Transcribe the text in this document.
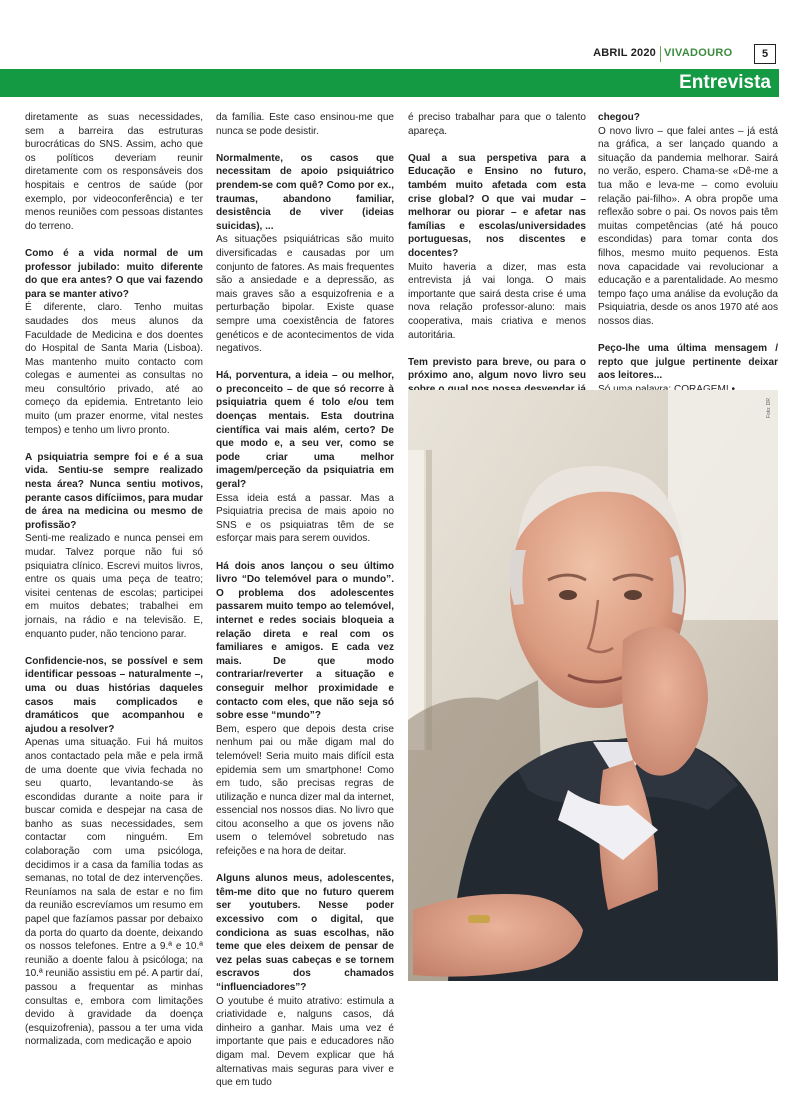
ABRIL 2020 VIVADOURO	5
Entrevista

diretamente as suas necessidades, sem a barreira das estruturas burocráticas do SNS. Assim, acho que os políticos deveriam reunir diretamente com os responsáveis dos hospitais e centros de saúde (por exemplo, por videoconferência) e ter menos reuniões com pessoas distantes do terreno.

Como é a vida normal de um professor jubilado: muito diferente do que era antes? O que vai fazendo para se manter ativo?

É diferente, claro. Tenho muitas saudades dos meus alunos da Faculdade de Medicina e dos doentes do Hospital de Santa Maria (Lisboa). Mas mantenho muito contacto com colegas e aumentei as consultas no meu consultório privado, até ao começo da epidemia. Entretanto leio muito (um prazer enorme, vital nestes tempos) e tenho um livro pronto.

A psiquiatria sempre foi e é a sua vida. Sentiu-se sempre realizado nesta área? Nunca sentiu motivos, perante casos difíciimos, para mudar de área na medicina ou mesmo de profissão?

Senti-me realizado e nunca pensei em mudar. Talvez porque não fui só psiquiatra clínico. Escrevi muitos livros, entre os quais uma peça de teatro; visitei centenas de escolas; participei em muitos debates; trabalhei em jornais, na rádio e na televisão. E, enquanto puder, não tenciono parar.

Confidencie-nos, se possível e sem identificar pessoas – naturalmente –, uma ou duas histórias daqueles casos mais complicados e dramáticos que acompanhou e ajudou a resolver?

Apenas uma situação. Fui há muitos anos contactado pela mãe e pela irmã de uma doente que vivia fechada no seu quarto, levantando-se às escondidas durante a noite para ir buscar comida e despejar na casa de banho as suas necessidades, sem contactar com ninguém. Em colaboração com uma psicóloga, decidimos ir a casa da família todas as semanas, no total de dez intervenções. Reuníamos na sala de estar e no fim da reunião escrevíamos um resumo em papel que fazíamos passar por debaixo da porta do quarto da doente, deixando os nossos telefones. Entre a 9.ª e 10.ª reunião a doente falou à psicóloga; na 10.ª reunião assistiu em pé. A partir daí, passou a frequentar as minhas consultas e, embora com limitações devido à gravidade da doença (esquizofrenia), passou a ter uma vida normalizada, com medicação e apoio

da família. Este caso ensinou-me que nunca se pode desistir.

Normalmente, os casos que necessitam de apoio psiquiátrico prendem-se com quê? Como por ex., traumas, abandono familiar, desistência de viver (ideias suicidas), ...

As situações psiquiátricas são muito diversificadas e causadas por um conjunto de fatores. As mais frequentes são a ansiedade e a depressão, as mais graves são a esquizofrenia e a perturbação bipolar. Existe quase sempre uma coexistência de fatores genéticos e de acontecimentos de vida negativos.

Há, porventura, a ideia – ou melhor, o preconceito – de que só recorre à psiquiatria quem é tolo e/ou tem doenças mentais. Esta doutrina científica vai mais além, certo? De que modo e, a seu ver, como se pode criar uma melhor imagem/perceção da psiquiatria em geral?

Essa ideia está a passar. Mas a Psiquiatria precisa de mais apoio no SNS e os psiquiatras têm de se esforçar mais para serem ouvidos.

Há dois anos lançou o seu último livro “Do telemóvel para o mundo”. O problema dos adolescentes passarem muito tempo ao telemóvel, internet e redes sociais bloqueia a relação direta e real com os familiares e amigos. E cada vez mais. De que modo contrariar/reverter a situação e conseguir melhor proximidade e contacto com eles, que não seja só sobre esse “mundo”?

Bem, espero que depois desta crise nenhum pai ou mãe digam mal do telemóvel! Seria muito mais difícil esta epidemia sem um smartphone! Como em tudo, são precisas regras de utilização e nunca dizer mal da internet, essencial nos nossos dias. No livro que citou aconselho a que os jovens não usem o telemóvel sobretudo nas refeições e na hora de deitar.

Alguns alunos meus, adolescentes, têm-me dito que no futuro querem ser youtubers. Nesse poder excessivo com o digital, que condiciona as suas escolhas, não teme que eles deixem de pensar de vez pelas suas cabeças e se tornem escravos dos chamados “influenciadores”?

O youtube é muito atrativo: estimula a criatividade e, nalguns casos, dá dinheiro a ganhar. Mais uma vez é importante que pais e educadores não digam mal. Devem explicar que há alternativas mais seguras para viver e que em tudo

é preciso trabalhar para que o talento apareça.

Qual a sua perspetiva para a Educação e Ensino no futuro, também muito afetada com esta crise global? O que vai mudar – melhorar ou piorar – e afetar nas famílias e escolas/universidades portuguesas, nos discentes e docentes?

Muito haveria a dizer, mas esta entrevista já vai longa. O mais importante que sairá desta crise é uma nova relação professor-aluno: mais cooperativa, mais criativa e menos autoritária.

Tem previsto para breve, ou para o próximo ano, algum novo livro seu

chegou?

O novo livro – que falei antes – já está na gráfica, a ser lançado quando a situação da pandemia melhorar. Sairá no verão, espero. Chama-se «Dê-me a tua mão e leva-me – como evoluiu relação pai-filho». A obra propõe uma reflexão sobre o pai. Os novos pais têm muitas competências (até há pouco escondidas) para tomar conta dos filhos, mesmo muito pequenos. Esta nova capacidade vai revolucionar a educação e a parentalidade. Ao mesmo tempo faço uma análise da evolução da Psiquiatria, desde os anos 1970 até aos nossos dias.

Peço-lhe uma última mensagem / repto que julgue pertinente deixar aos leitores...

Foto: DR
